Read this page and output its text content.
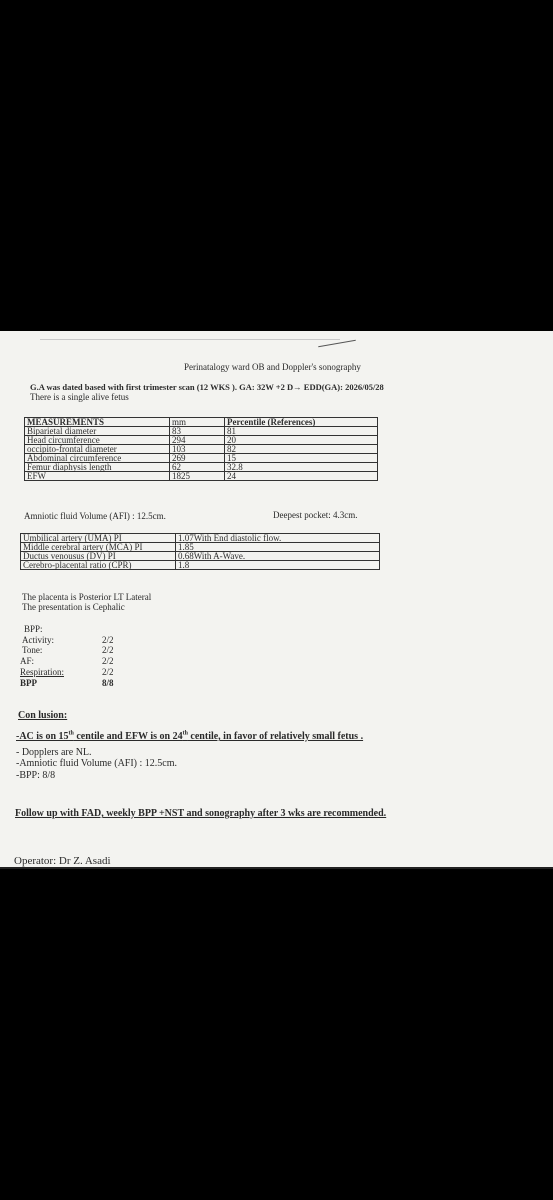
Perinatalogy ward OB and Doppler's sonography
G.A was dated based with first trimester scan (12 WKS ). GA: 32W +2 D→ EDD(GA): 2026/05/28
There is a single alive fetus
MEASUREMENTS	mm	Percentile (References)
Biparietal diameter	83	81
Head circumference	294	20
occipito-frontal diameter	103	82
Abdominal circumference	269	15
Femur diaphysis length	62	32.8
EFW	1825	24
Amniotic fluid Volume (AFI) : 12.5cm.	Deepest pocket: 4.3cm.
Umbilical artery (UMA) PI	1.07With End diastolic flow.
Middle cerebral artery (MCA) PI	1.85
Ductus venousus (DV) PI	0.68With A-Wave.
Cerebro-placental ratio (CPR)	1.8
The placenta is Posterior LT Lateral
The presentation is Cephalic
BPP:
Activity:	2/2
Tone:	2/2
AF:	2/2
Respiration:	2/2
BPP	8/8
Con lusion:
-AC is on 15th centile and EFW is on 24th centile, in favor of relatively small fetus .
- Dopplers are NL.
-Amniotic fluid Volume (AFI) : 12.5cm.
-BPP: 8/8
Follow up with FAD, weekly BPP +NST and sonography after 3 wks are recommended.
Operator: Dr Z. Asadi
